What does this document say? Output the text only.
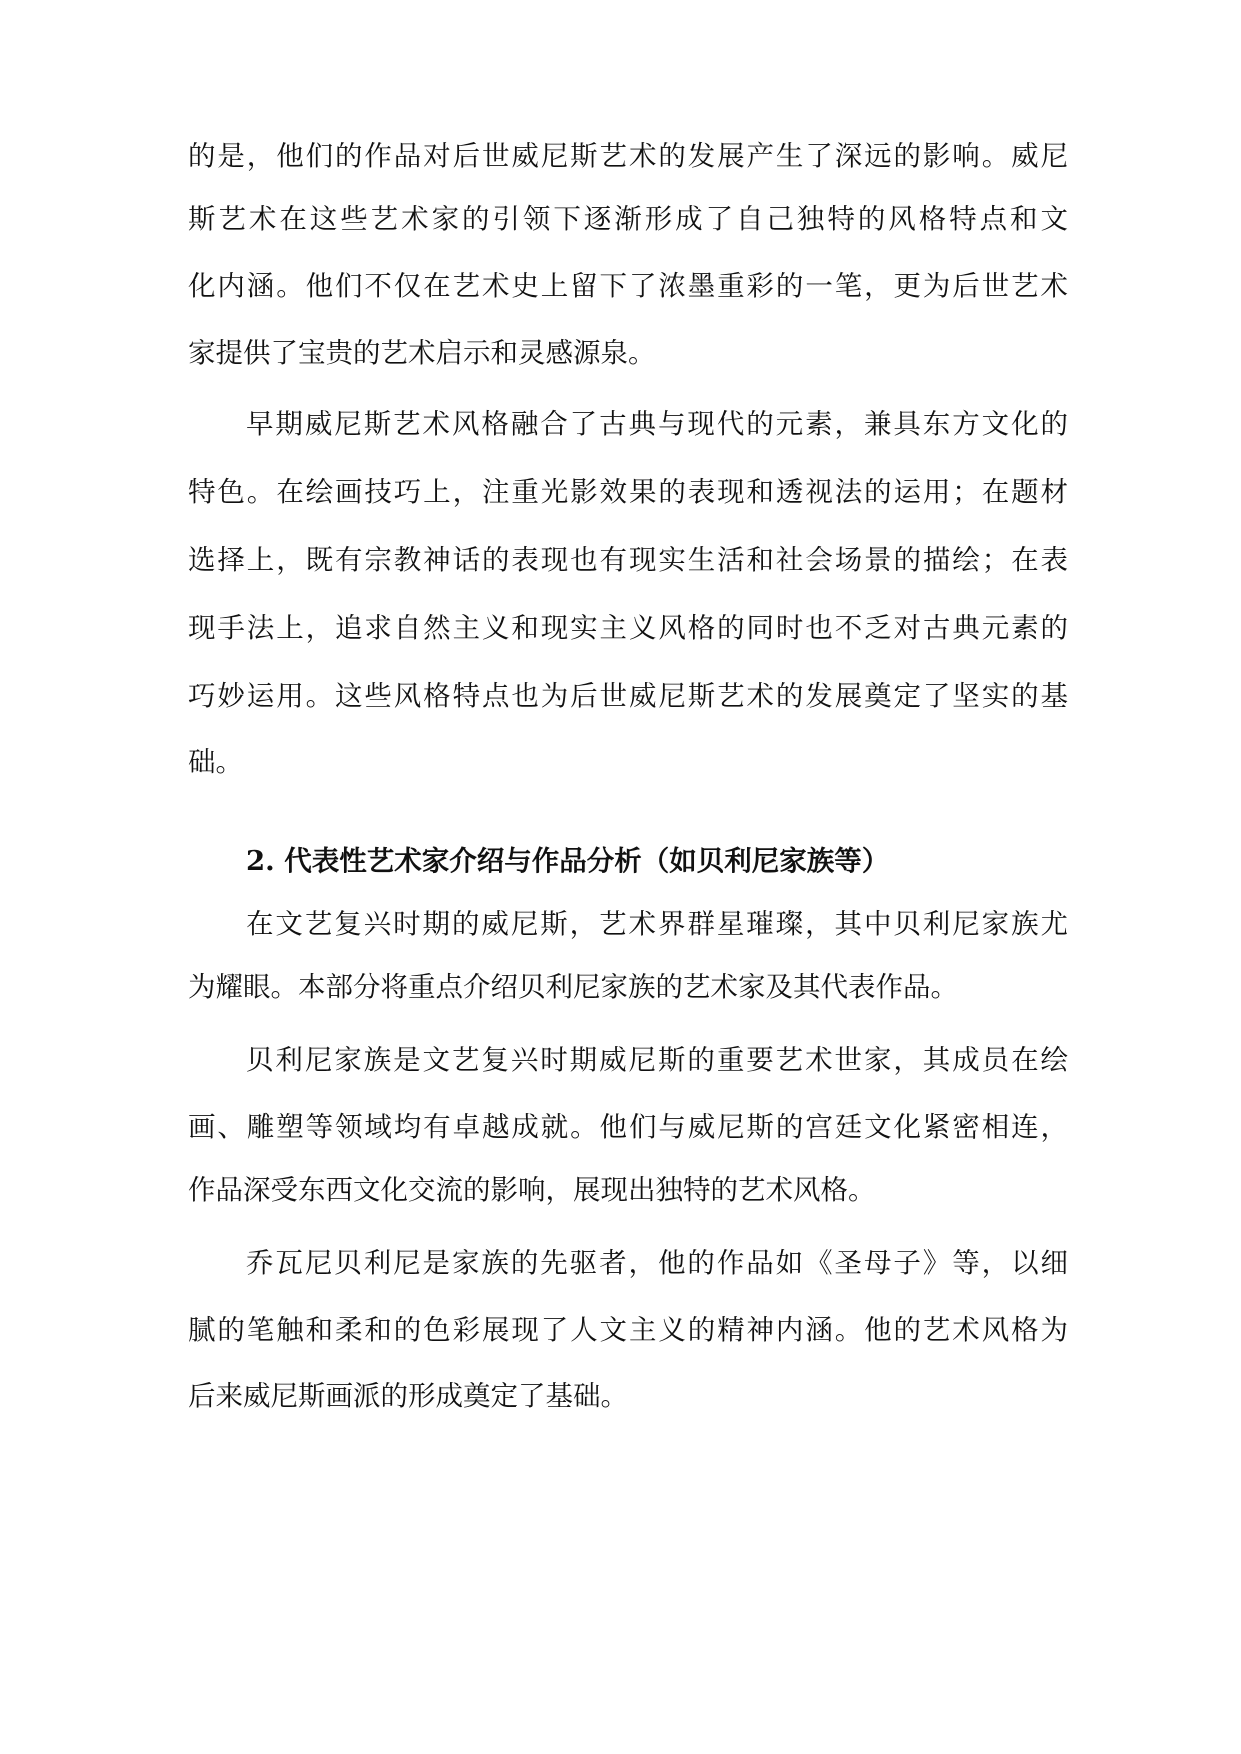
的是，他们的作品对后世威尼斯艺术的发展产生了深远的影响。威尼
斯艺术在这些艺术家的引领下逐渐形成了自己独特的风格特点和文
化内涵。他们不仅在艺术史上留下了浓墨重彩的一笔，更为后世艺术
家提供了宝贵的艺术启示和灵感源泉。
早期威尼斯艺术风格融合了古典与现代的元素，兼具东方文化的
特色。在绘画技巧上，注重光影效果的表现和透视法的运用；在题材
选择上，既有宗教神话的表现也有现实生活和社会场景的描绘；在表
现手法上，追求自然主义和现实主义风格的同时也不乏对古典元素的
巧妙运用。这些风格特点也为后世威尼斯艺术的发展奠定了坚实的基
础。
2. 代表性艺术家介绍与作品分析（如贝利尼家族等）
在文艺复兴时期的威尼斯，艺术界群星璀璨，其中贝利尼家族尤
为耀眼。本部分将重点介绍贝利尼家族的艺术家及其代表作品。
贝利尼家族是文艺复兴时期威尼斯的重要艺术世家，其成员在绘
画、雕塑等领域均有卓越成就。他们与威尼斯的宫廷文化紧密相连，
作品深受东西文化交流的影响，展现出独特的艺术风格。
乔瓦尼贝利尼是家族的先驱者，他的作品如《圣母子》等，以细
腻的笔触和柔和的色彩展现了人文主义的精神内涵。他的艺术风格为
后来威尼斯画派的形成奠定了基础。
